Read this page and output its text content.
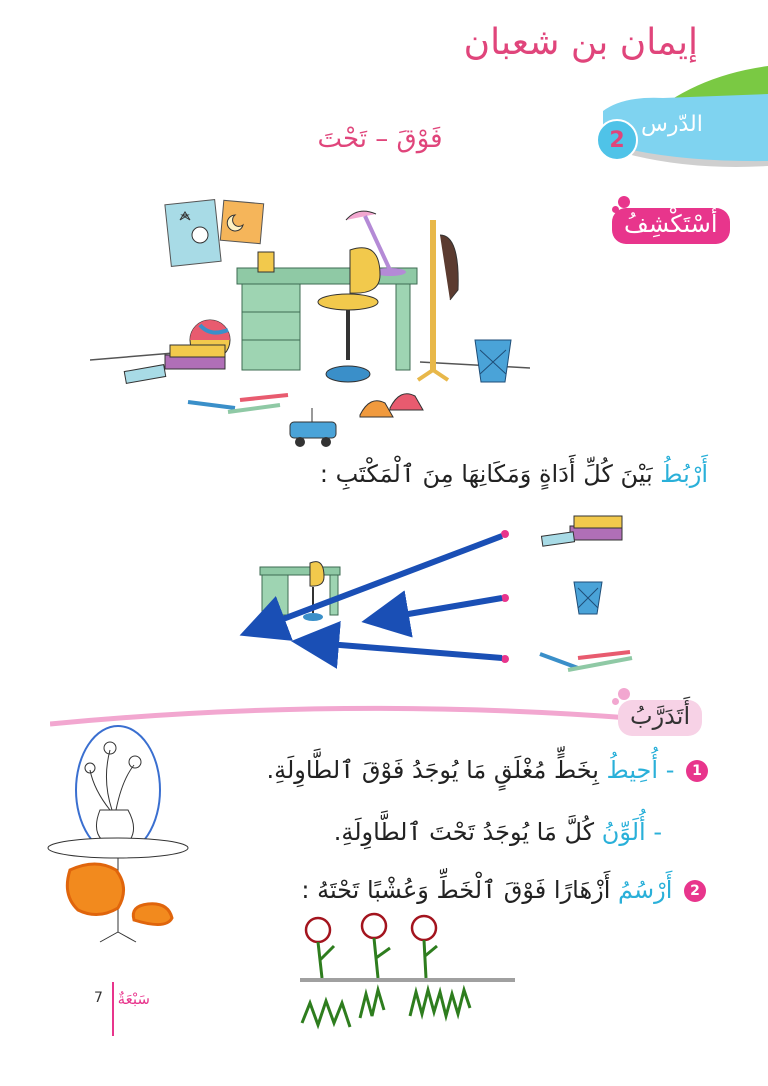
إيمان بن شعبان
الدّرس
2
فَوْقَ – تَحْتَ
أَسْتَكْشِفُ
أَرْبُطُ بَيْنَ كُلِّ أَدَاةٍ وَمَكَانِهَا مِنَ ٱلْمَكْتَبِ :
أَتَدَرَّبُ
1 - أُحِيطُ بِخَطٍّ مُغْلَقٍ مَا يُوجَدُ فَوْقَ ٱلطَّاوِلَةِ.
- أُلَوِّنُ كُلَّ مَا يُوجَدُ تَحْتَ ٱلطَّاوِلَةِ.
2 أَرْسُمُ أَزْهَارًا فَوْقَ ٱلْخَطِّ وَعُشْبًا تَحْتَهُ :
سَبْعَةٌ
7
